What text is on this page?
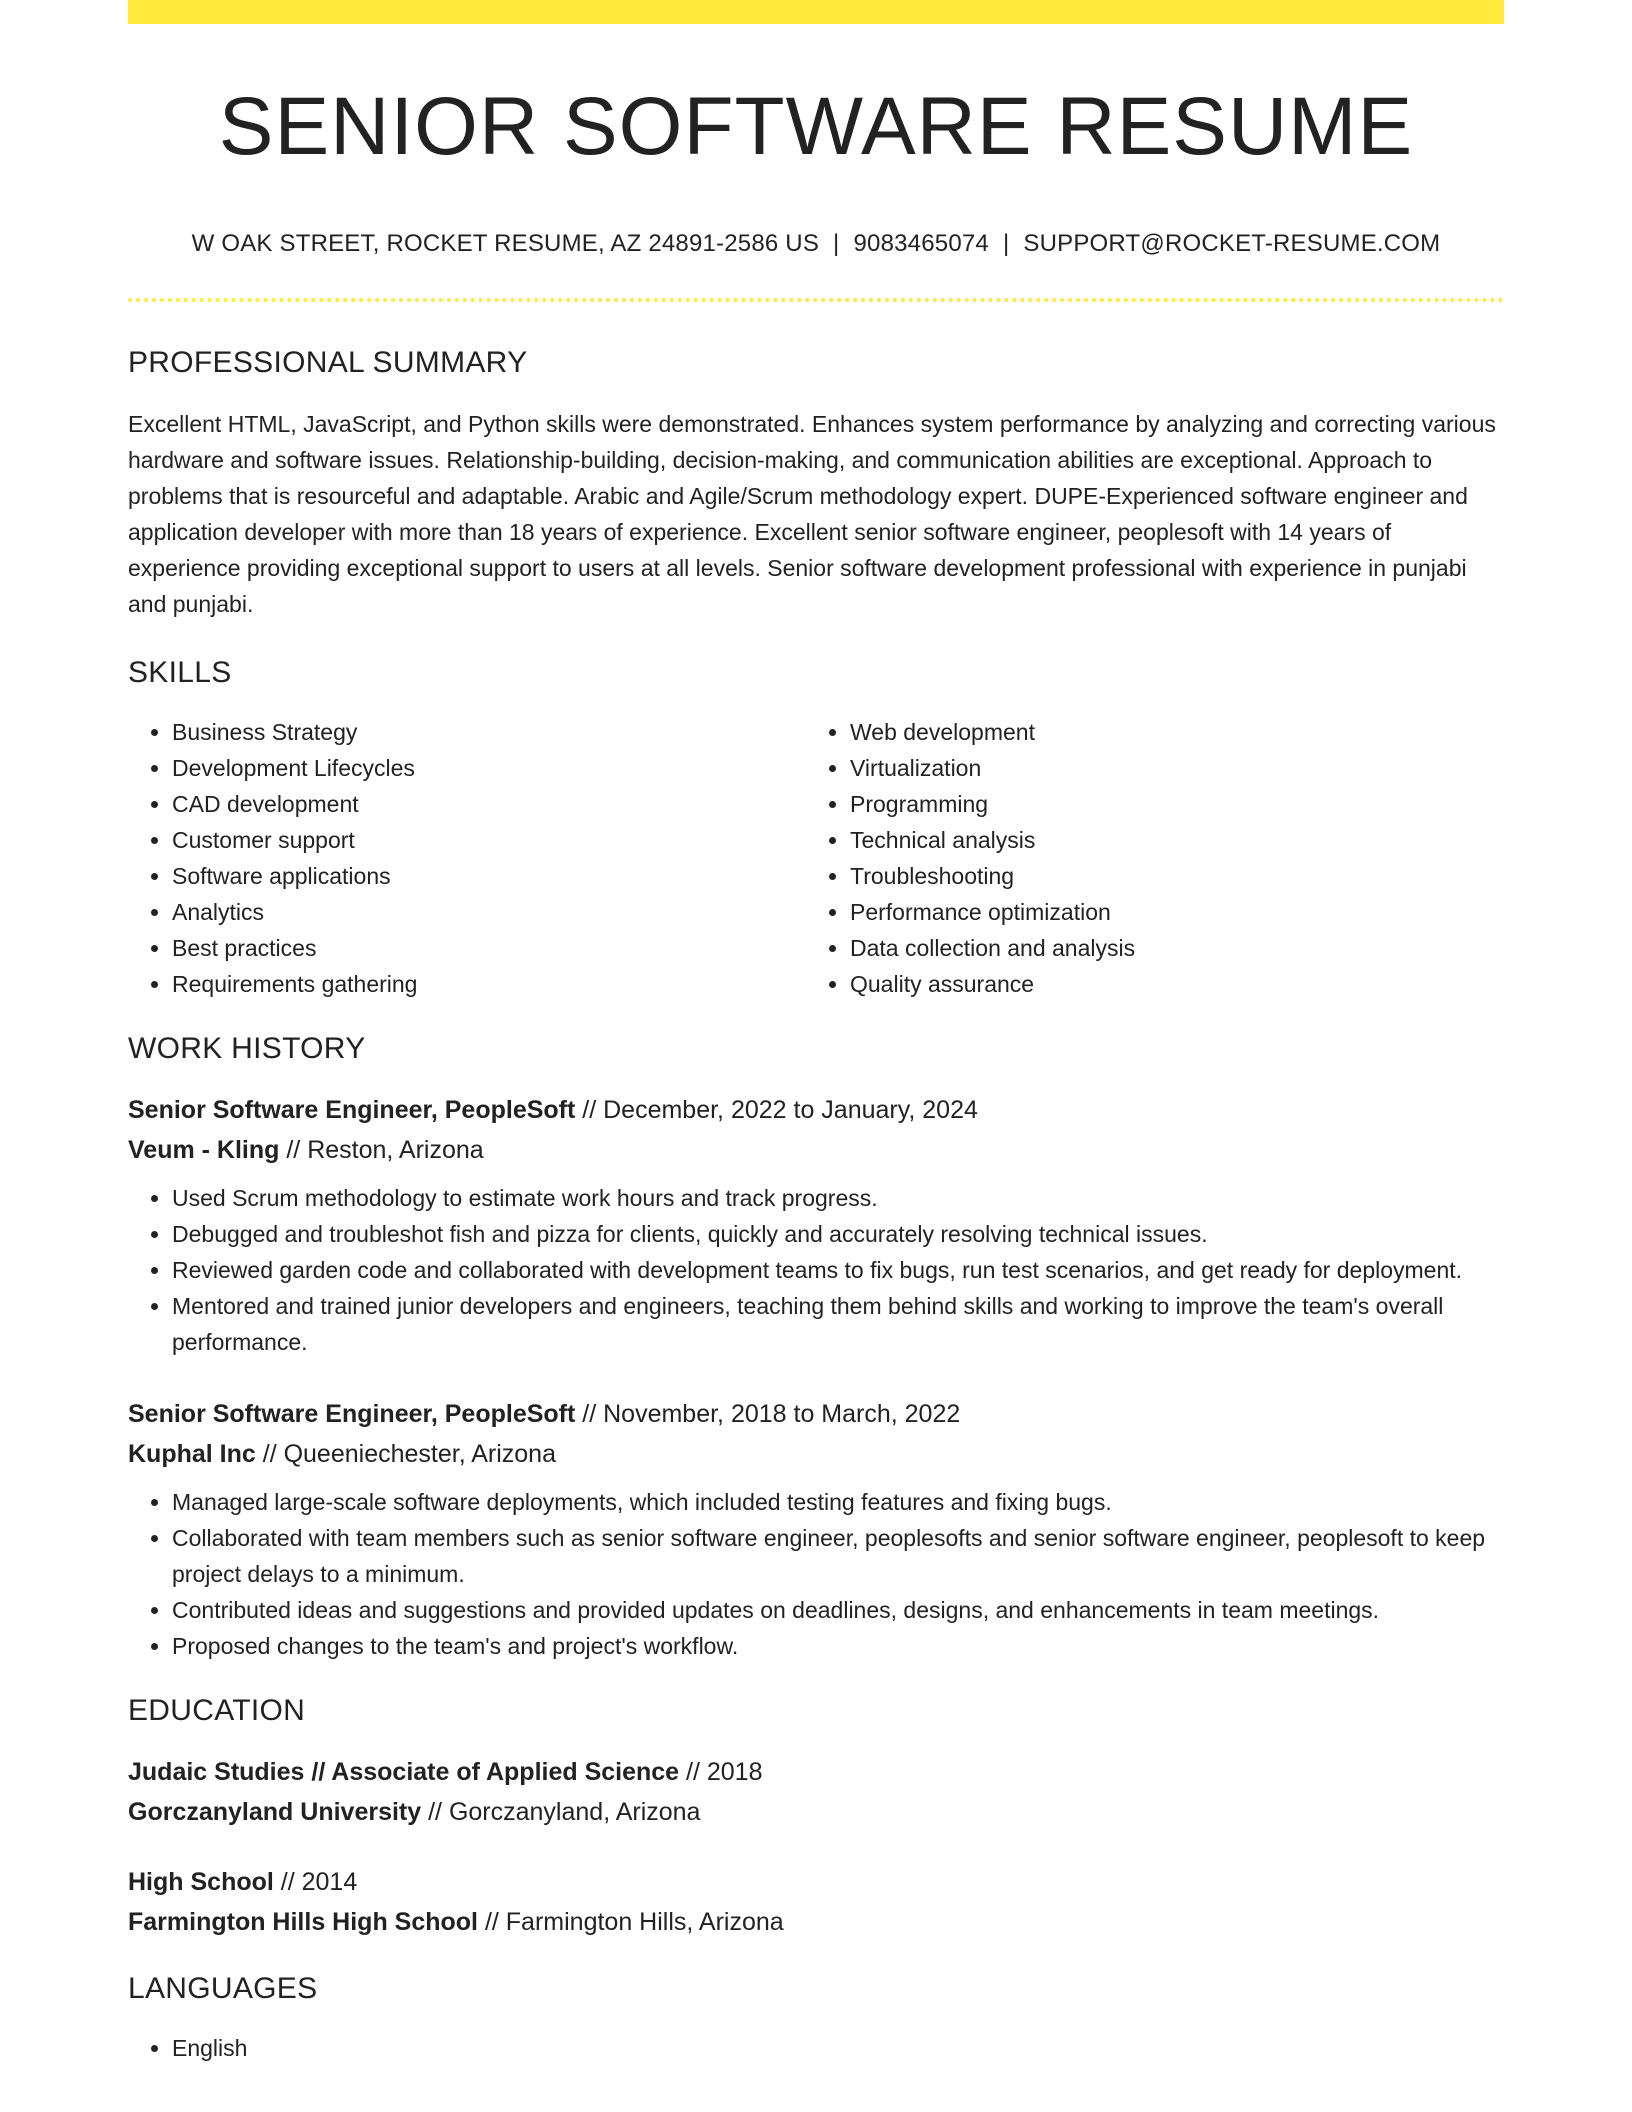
SENIOR SOFTWARE RESUME
W OAK STREET, ROCKET RESUME, AZ 24891-2586 US | 9083465074 | SUPPORT@ROCKET-RESUME.COM
PROFESSIONAL SUMMARY

Excellent HTML, JavaScript, and Python skills were demonstrated. Enhances system performance by analyzing and correcting various hardware and software issues. Relationship-building, decision-making, and communication abilities are exceptional. Approach to problems that is resourceful and adaptable. Arabic and Agile/Scrum methodology expert. DUPE-Experienced software engineer and application developer with more than 18 years of experience. Excellent senior software engineer, peoplesoft with 14 years of experience providing exceptional support to users at all levels. Senior software development professional with experience in punjabi and punjabi.

SKILLS
• Business Strategy
• Development Lifecycles
• CAD development
• Customer support
• Software applications
• Analytics
• Best practices
• Requirements gathering
• Web development
• Virtualization
• Programming
• Technical analysis
• Troubleshooting
• Performance optimization
• Data collection and analysis
• Quality assurance
WORK HISTORY
Senior Software Engineer, PeopleSoft // December, 2022 to January, 2024
Veum - Kling // Reston, Arizona
• Used Scrum methodology to estimate work hours and track progress.
• Debugged and troubleshot fish and pizza for clients, quickly and accurately resolving technical issues.
• Reviewed garden code and collaborated with development teams to fix bugs, run test scenarios, and get ready for deployment.
• Mentored and trained junior developers and engineers, teaching them behind skills and working to improve the team's overall performance.
Senior Software Engineer, PeopleSoft // November, 2018 to March, 2022
Kuphal Inc // Queeniechester, Arizona
• Managed large-scale software deployments, which included testing features and fixing bugs.
• Collaborated with team members such as senior software engineer, peoplesofts and senior software engineer, peoplesoft to keep project delays to a minimum.
• Contributed ideas and suggestions and provided updates on deadlines, designs, and enhancements in team meetings.
• Proposed changes to the team's and project's workflow.
EDUCATION
Judaic Studies // Associate of Applied Science // 2018
Gorczanyland University // Gorczanyland, Arizona
High School // 2014
Farmington Hills High School // Farmington Hills, Arizona
LANGUAGES
• English
